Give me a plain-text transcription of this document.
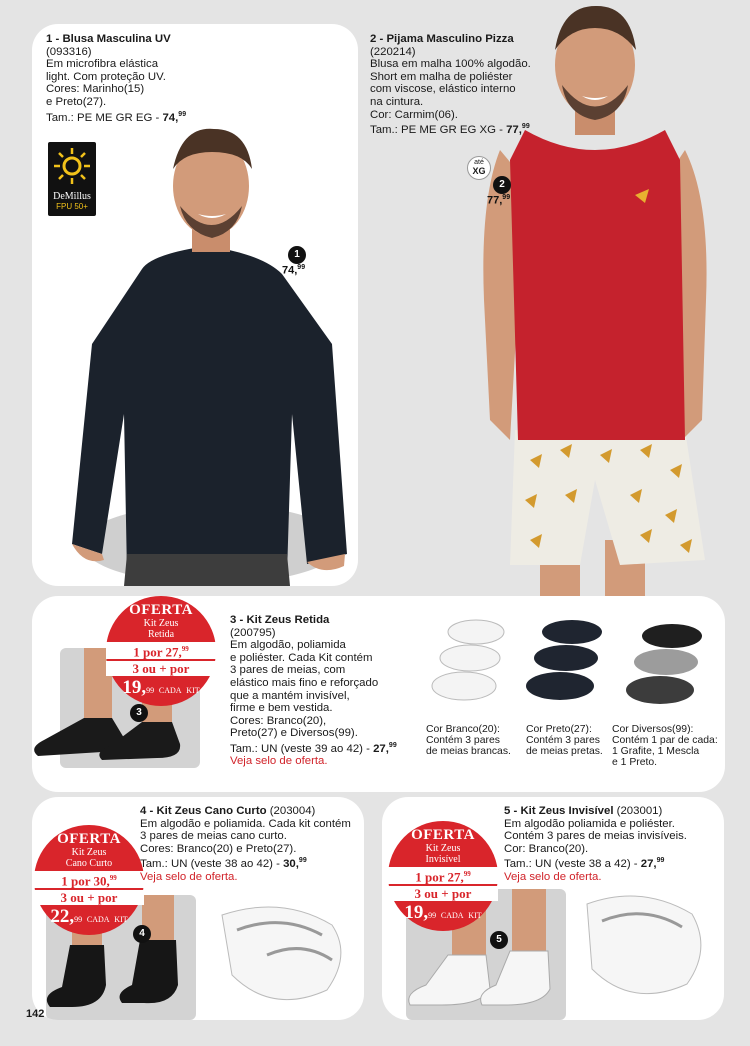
1 - Blusa Masculina UV
(093316)
Em microfibra elástica
light. Com proteção UV.
Cores: Marinho(15)
e Preto(27).
Tam.: PE ME GR EG - 74,99
DeMillus
FPU 50+
1
74,99
2 - Pijama Masculino Pizza
(220214)
Blusa em malha 100% algodão.
Short em malha de poliéster
com viscose, elástico interno
na cintura.
Cor: Carmim(06).
Tam.: PE ME GR EG XG - 77,99
até
XG
2
77,99
3
OFERTA
Kit Zeus
Retida
1 por 27,99
3 ou + por
19,99 CADA KIT
3 - Kit Zeus Retida
(200795)
Em algodão, poliamida
e poliéster. Cada Kit contém
3 pares de meias, com
elástico mais fino e reforçado
que a mantém invisível,
firme e bem vestida.
Cores: Branco(20),
Preto(27) e Diversos(99).
Tam.: UN (veste 39 ao 42) - 27,99
Veja selo de oferta.
Cor Branco(20):
Contém 3 pares
de meias brancas.
Cor Preto(27):
Contém 3 pares
de meias pretas.
Cor Diversos(99):
Contém 1 par de cada:
1 Grafite, 1 Mescla
e 1 Preto.
4
OFERTA
Kit Zeus
Cano Curto
1 por 30,99
3 ou + por
22,99 CADA KIT
4 - Kit Zeus Cano Curto (203004)
Em algodão e poliamida. Cada kit contém
3 pares de meias cano curto.
Cores: Branco(20) e Preto(27).
Tam.: UN (veste 38 ao 42) - 30,99
Veja selo de oferta.
5
OFERTA
Kit Zeus
Invisível
1 por 27,99
3 ou + por
19,99 CADA KIT
5 - Kit Zeus Invisível (203001)
Em algodão poliamida e poliéster.
Contém 3 pares de meias invisíveis.
Cor: Branco(20).
Tam.: UN (veste 38 a 42) - 27,99
Veja selo de oferta.
142
